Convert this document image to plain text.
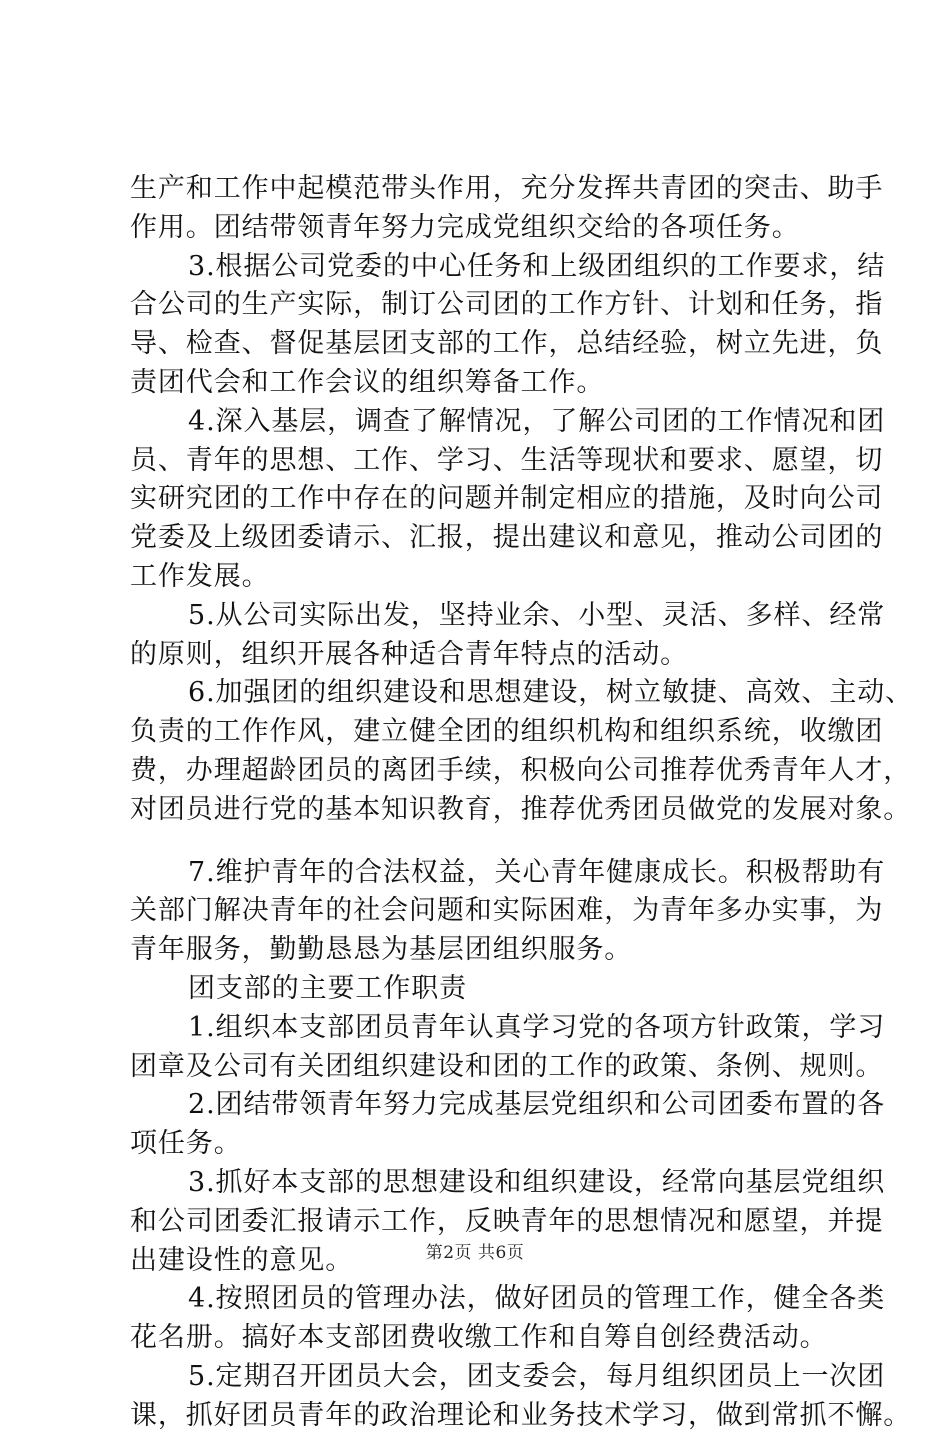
生产和工作中起模范带头作用，充分发挥共青团的突击、助手
作用。团结带领青年努力完成党组织交给的各项任务。
3.根据公司党委的中心任务和上级团组织的工作要求，结
合公司的生产实际，制订公司团的工作方针、计划和任务，指
导、检查、督促基层团支部的工作，总结经验，树立先进，负
责团代会和工作会议的组织筹备工作。
4.深入基层，调查了解情况，了解公司团的工作情况和团
员、青年的思想、工作、学习、生活等现状和要求、愿望，切
实研究团的工作中存在的问题并制定相应的措施，及时向公司
党委及上级团委请示、汇报，提出建议和意见，推动公司团的
工作发展。
5.从公司实际出发，坚持业余、小型、灵活、多样、经常
的原则，组织开展各种适合青年特点的活动。
6.加强团的组织建设和思想建设，树立敏捷、高效、主动、
负责的工作作风，建立健全团的组织机构和组织系统，收缴团
费，办理超龄团员的离团手续，积极向公司推荐优秀青年人才，
对团员进行党的基本知识教育，推荐优秀团员做党的发展对象。
7.维护青年的合法权益，关心青年健康成长。积极帮助有
关部门解决青年的社会问题和实际困难，为青年多办实事，为
青年服务，勤勤恳恳为基层团组织服务。
团支部的主要工作职责
1.组织本支部团员青年认真学习党的各项方针政策，学习
团章及公司有关团组织建设和团的工作的政策、条例、规则。
2.团结带领青年努力完成基层党组织和公司团委布置的各
项任务。
3.抓好本支部的思想建设和组织建设，经常向基层党组织
和公司团委汇报请示工作，反映青年的思想情况和愿望，并提
出建设性的意见。
4.按照团员的管理办法，做好团员的管理工作，健全各类
花名册。搞好本支部团费收缴工作和自筹自创经费活动。
5.定期召开团员大会，团支委会，每月组织团员上一次团
课，抓好团员青年的政治理论和业务技术学习，做到常抓不懈。
第2页 共6页
